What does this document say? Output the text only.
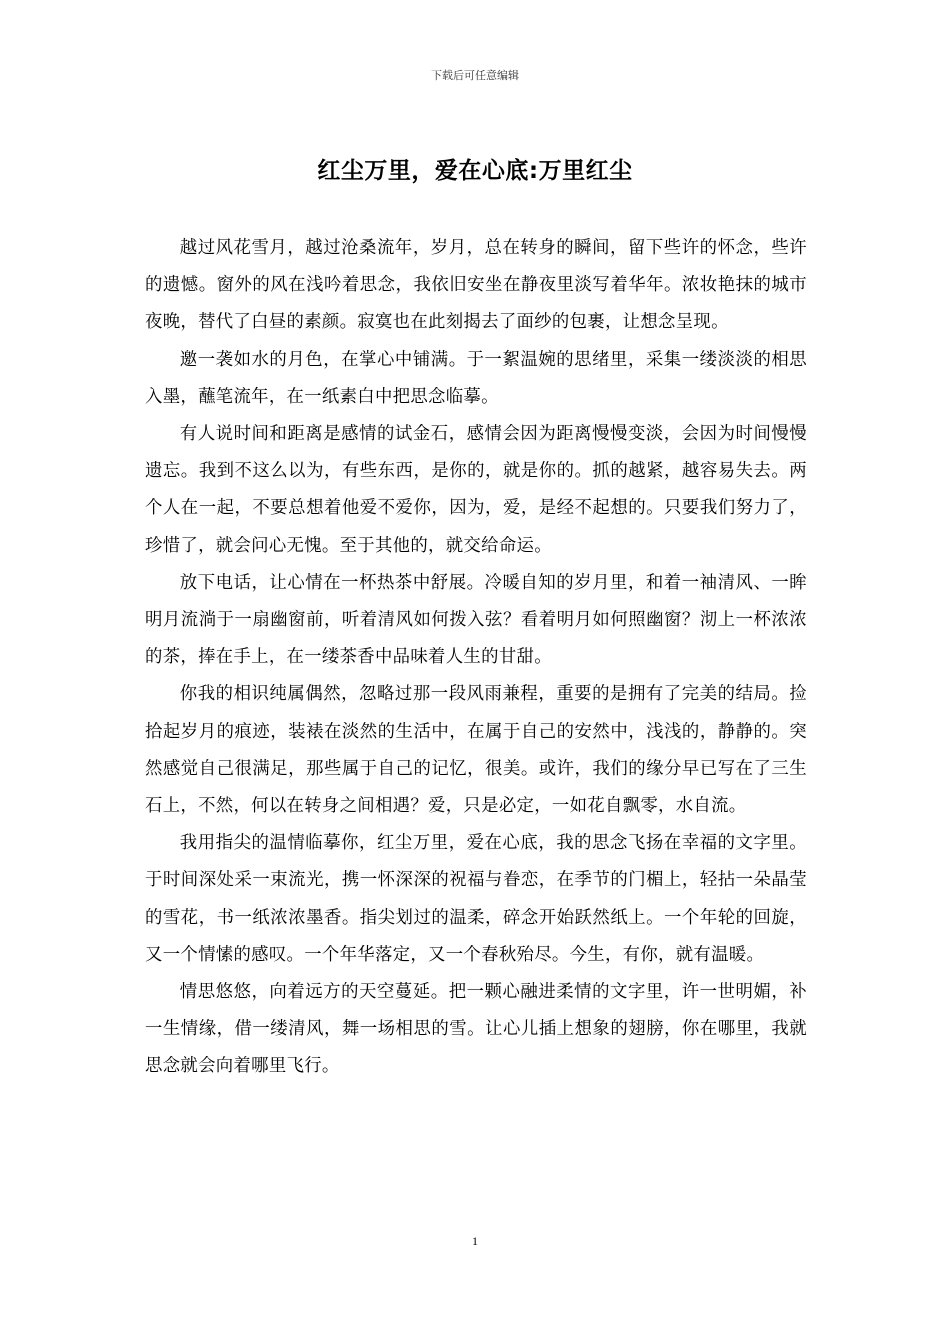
下载后可任意编辑
红尘万里，爱在心底:万里红尘

越过风花雪月，越过沧桑流年，岁月，总在转身的瞬间，留下些许的怀念，些许的遗憾。窗外的风在浅吟着思念，我依旧安坐在静夜里淡写着华年。浓妆艳抹的城市夜晚，替代了白昼的素颜。寂寞也在此刻揭去了面纱的包裹，让想念呈现。

邀一袭如水的月色，在掌心中铺满。于一絮温婉的思绪里，采集一缕淡淡的相思入墨，蘸笔流年，在一纸素白中把思念临摹。

有人说时间和距离是感情的试金石，感情会因为距离慢慢变淡，会因为时间慢慢遗忘。我到不这么以为，有些东西，是你的，就是你的。抓的越紧，越容易失去。两个人在一起，不要总想着他爱不爱你，因为，爱，是经不起想的。只要我们努力了，珍惜了，就会问心无愧。至于其他的，就交给命运。

放下电话，让心情在一杯热茶中舒展。冷暖自知的岁月里，和着一袖清风、一眸明月流淌于一扇幽窗前，听着清风如何拨入弦？看着明月如何照幽窗？沏上一杯浓浓的茶，捧在手上，在一缕茶香中品味着人生的甘甜。

你我的相识纯属偶然，忽略过那一段风雨兼程，重要的是拥有了完美的结局。捡拾起岁月的痕迹，装裱在淡然的生活中，在属于自己的安然中，浅浅的，静静的。突然感觉自己很满足，那些属于自己的记忆，很美。或许，我们的缘分早已写在了三生石上，不然，何以在转身之间相遇？爱，只是必定，一如花自飘零，水自流。

我用指尖的温情临摹你，红尘万里，爱在心底，我的思念飞扬在幸福的文字里。于时间深处采一束流光，携一怀深深的祝福与眷恋，在季节的门楣上，轻拈一朵晶莹的雪花，书一纸浓浓墨香。指尖划过的温柔，碎念开始跃然纸上。一个年轮的回旋，又一个情愫的感叹。一个年华落定，又一个春秋殆尽。今生，有你，就有温暖。

情思悠悠，向着远方的天空蔓延。把一颗心融进柔情的文字里，许一世明媚，补一生情缘，借一缕清风，舞一场相思的雪。让心儿插上想象的翅膀，你在哪里，我就思念就会向着哪里飞行。

1
